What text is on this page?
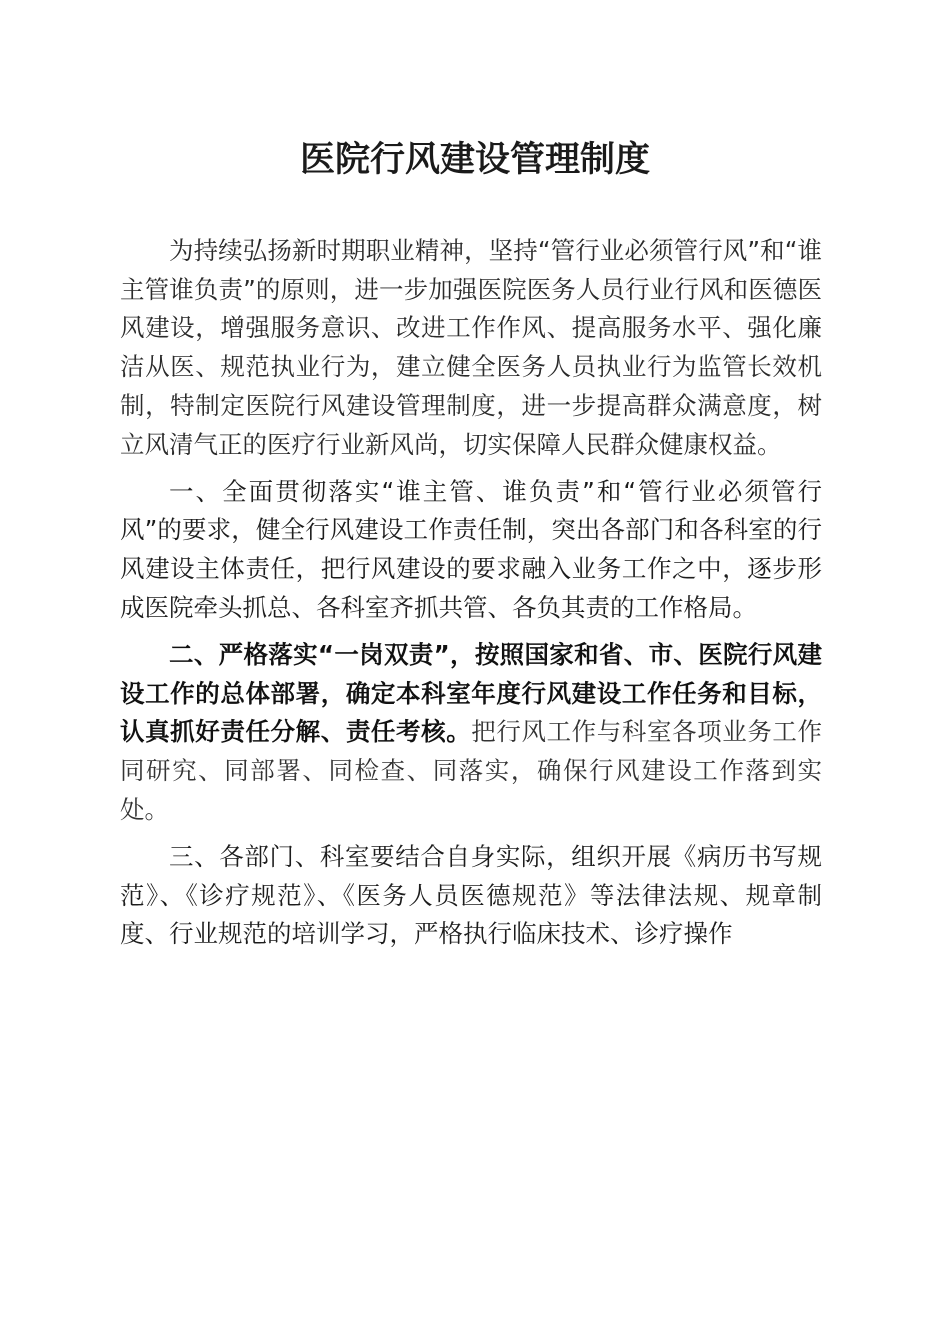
医院行风建设管理制度

为持续弘扬新时期职业精神，坚持“管行业必须管行风”和“谁主管谁负责”的原则，进一步加强医院医务人员行业行风和医德医风建设，增强服务意识、改进工作作风、提高服务水平、强化廉洁从医、规范执业行为，建立健全医务人员执业行为监管长效机制，特制定医院行风建设管理制度，进一步提高群众满意度，树立风清气正的医疗行业新风尚，切实保障人民群众健康权益。

一、全面贯彻落实“谁主管、谁负责”和“管行业必须管行风”的要求，健全行风建设工作责任制，突出各部门和各科室的行风建设主体责任，把行风建设的要求融入业务工作之中，逐步形成医院牵头抓总、各科室齐抓共管、各负其责的工作格局。

二、严格落实“一岗双责”，按照国家和省、市、医院行风建设工作的总体部署，确定本科室年度行风建设工作任务和目标，认真抓好责任分解、责任考核。把行风工作与科室各项业务工作同研究、同部署、同检查、同落实，确保行风建设工作落到实处。

三、各部门、科室要结合自身实际，组织开展《病历书写规范》、《诊疗规范》、《医务人员医德规范》等法律法规、规章制度、行业规范的培训学习，严格执行临床技术、诊疗操作
